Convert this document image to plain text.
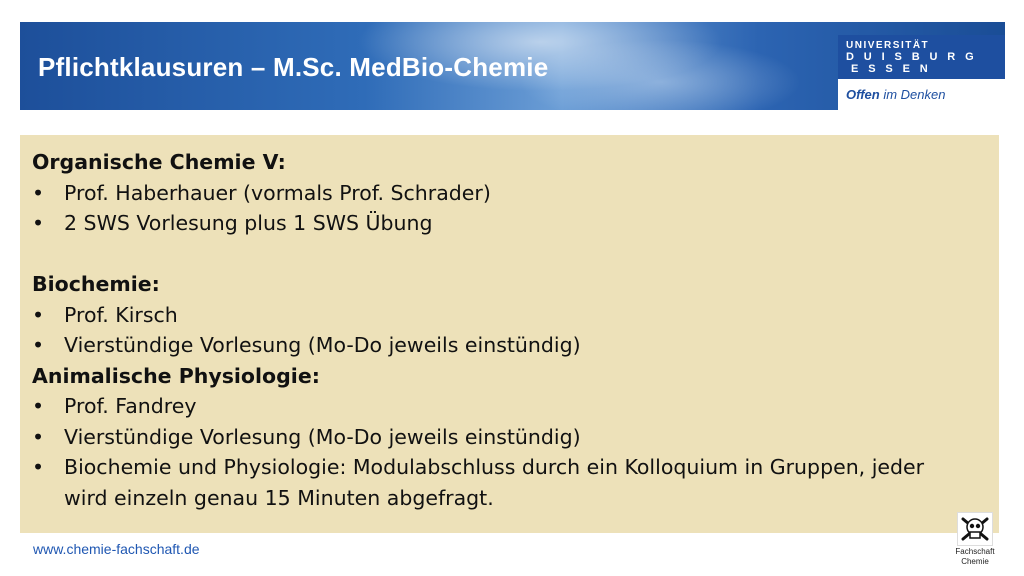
Pflichtklausuren – M.Sc. MedBio-Chemie
UNIVERSITÄT
D U I S B U R G
E S S E N
Offen im Denken
Organische Chemie V:
• Prof. Haberhauer (vormals Prof. Schrader)
• 2 SWS Vorlesung plus 1 SWS Übung
Biochemie:
• Prof. Kirsch
• Vierstündige Vorlesung (Mo-Do jeweils einstündig)
Animalische Physiologie:
• Prof. Fandrey
• Vierstündige Vorlesung (Mo-Do jeweils einstündig)
• Biochemie und Physiologie: Modulabschluss durch ein Kolloquium in Gruppen, jeder wird einzeln genau 15 Minuten abgefragt.
www.chemie-fachschaft.de	Fachschaft
Chemie
